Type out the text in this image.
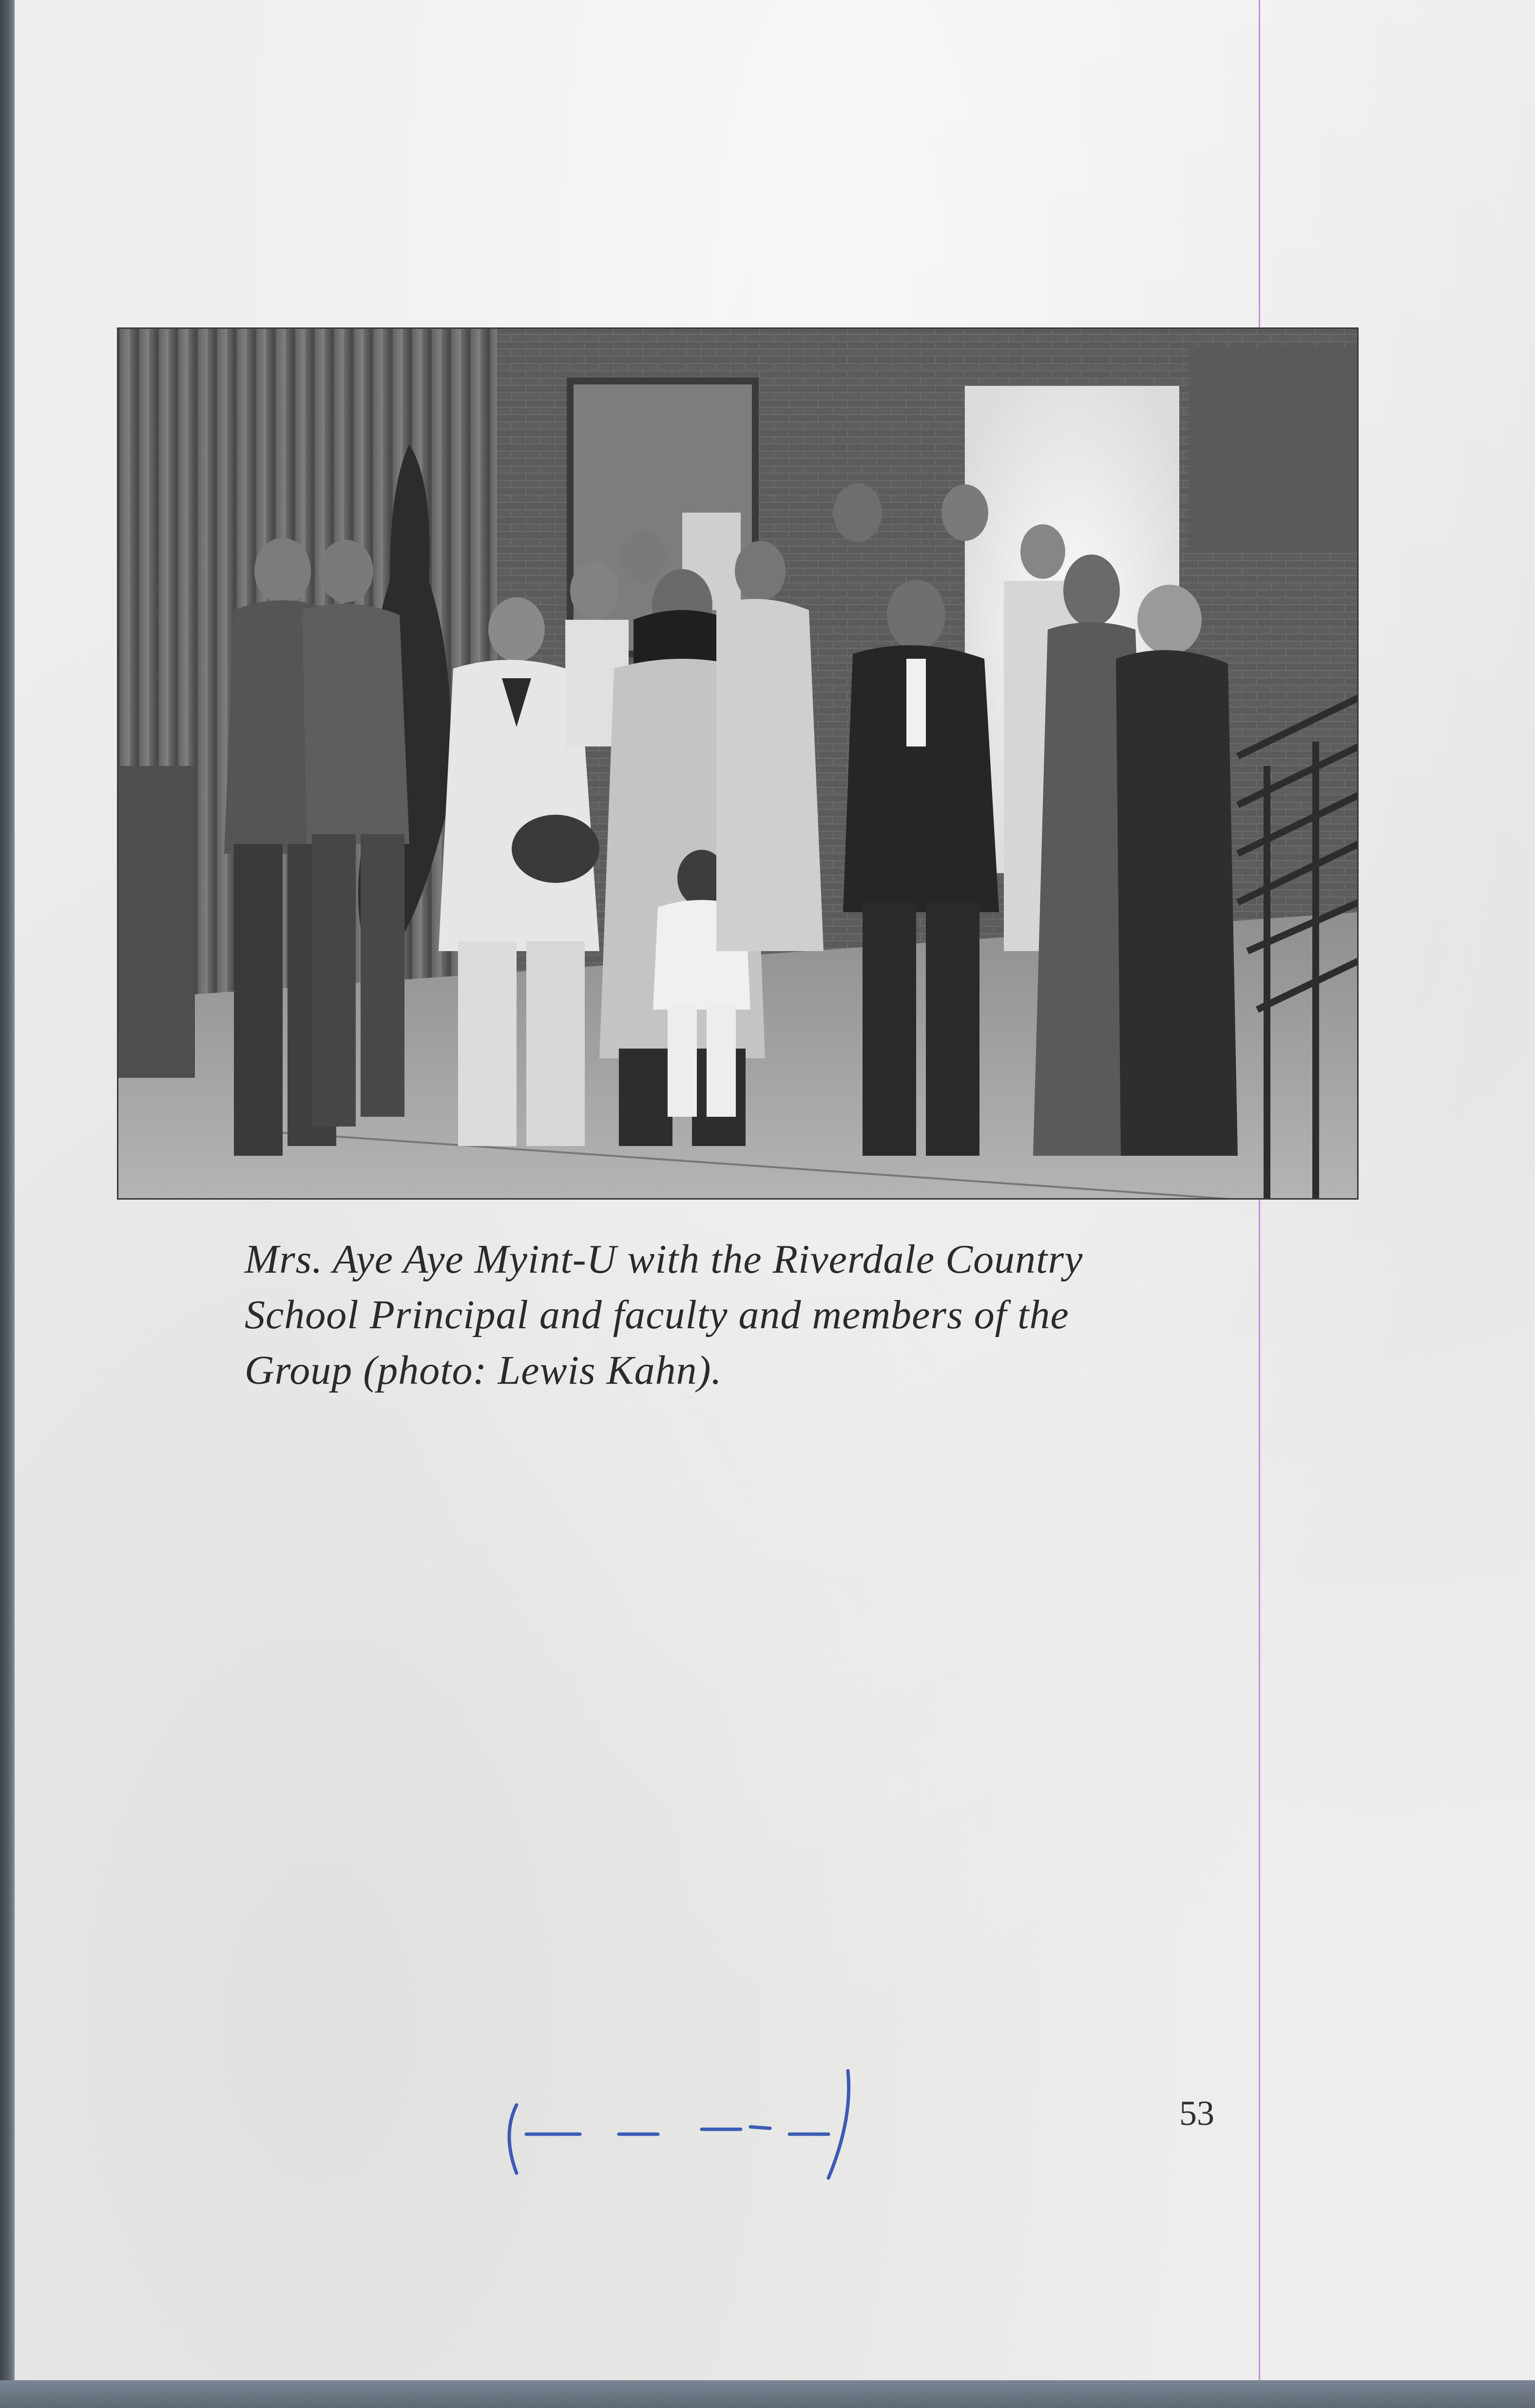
Mrs. Aye Aye Myint-U with the Riverdale Country

School Principal and faculty and members of the

Group (photo: Lewis Kahn).

53
